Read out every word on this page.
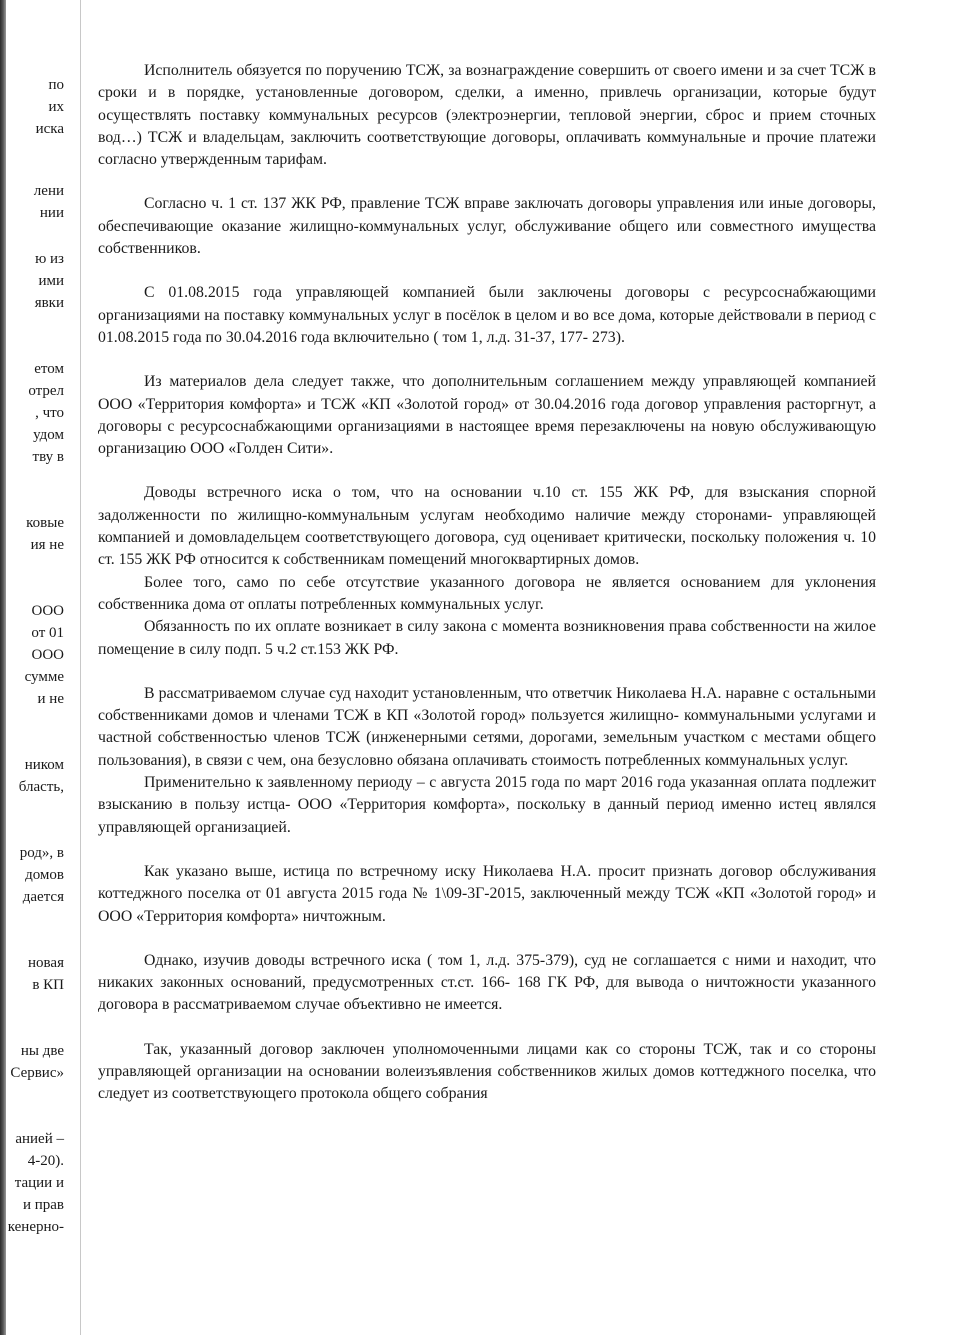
по
их
иска
лени
нии
ю из
ими
явки
етом
отрел
, что
удом
тву в
ковые
ия не
ООО
от 01
ООО
сумме
и не
ником
бласть,
род», в
домов
дается
новая
в КП
ны две
Сервис»
анией –
4-20).
тации и
и прав
кенерно-

Исполнитель обязуется по поручению ТСЖ, за вознаграждение совершить от своего имени и за счет ТСЖ в сроки и в порядке, установленные договором, сделки, а именно, привлечь организации, которые будут осуществлять поставку коммунальных ресурсов (электроэнергии, тепловой энергии, сброс и прием сточных вод…) ТСЖ и владельцам, заключить соответствующие договоры, оплачивать коммунальные и прочие платежи согласно утвержденным тарифам.

Согласно ч. 1 ст. 137 ЖК РФ, правление ТСЖ вправе заключать договоры управления или иные договоры, обеспечивающие оказание жилищно-коммунальных услуг, обслуживание общего или совместного имущества собственников.

С 01.08.2015 года управляющей компанией были заключены договоры с ресурсоснабжающими организациями на поставку коммунальных услуг в посёлок в целом и во все дома, которые действовали в период с 01.08.2015 года по 30.04.2016 года включительно ( том 1, л.д. 31-37, 177- 273).

Из материалов дела следует также, что дополнительным соглашением между управляющей компанией ООО «Территория комфорта» и ТСЖ «КП «Золотой город» от 30.04.2016 года договор управления расторгнут, а договоры с ресурсоснабжающими организациями в настоящее время перезаключены на новую обслуживающую организацию ООО «Голден Сити».

Доводы встречного иска о том, что на основании ч.10 ст. 155 ЖК РФ, для взыскания спорной задолженности по жилищно-коммунальным услугам необходимо наличие между сторонами- управляющей компанией и домовладельцем соответствующего договора, суд оценивает критически, поскольку положения ч. 10 ст. 155 ЖК РФ относится к собственникам помещений многоквартирных домов.

Более того, само по себе отсутствие указанного договора не является основанием для уклонения собственника дома от оплаты потребленных коммунальных услуг.

Обязанность по их оплате возникает в силу закона с момента возникновения права собственности на жилое помещение в силу подп. 5 ч.2 ст.153 ЖК РФ.

В рассматриваемом случае суд находит установленным, что ответчик Николаева Н.А. наравне с остальными собственниками домов и членами ТСЖ в КП «Золотой город» пользуется жилищно- коммунальными услугами и частной собственностью членов ТСЖ (инженерными сетями, дорогами, земельным участком с местами общего пользования), в связи с чем, она безусловно обязана оплачивать стоимость потребленных коммунальных услуг.

Применительно к заявленному периоду – с августа 2015 года по март 2016 года указанная оплата подлежит взысканию в пользу истца- ООО «Территория комфорта», поскольку в данный период именно истец являлся управляющей организацией.

Как указано выше, истица по встречному иску Николаева Н.А. просит признать договор обслуживания коттеджного поселка от 01 августа 2015 года № 1\09-3Г-2015, заключенный между ТСЖ «КП «Золотой город» и ООО «Территория комфорта» ничтожным.

Однако, изучив доводы встречного иска ( том 1, л.д. 375-379), суд не соглашается с ними и находит, что никаких законных оснований, предусмотренных ст.ст. 166- 168 ГК РФ, для вывода о ничтожности указанного договора в рассматриваемом случае объективно не имеется.

Так, указанный договор заключен уполномоченными лицами как со стороны ТСЖ, так и со стороны управляющей организации на основании волеизъявления собственников жилых домов коттеджного поселка, что следует из соответствующего протокола общего собрания
